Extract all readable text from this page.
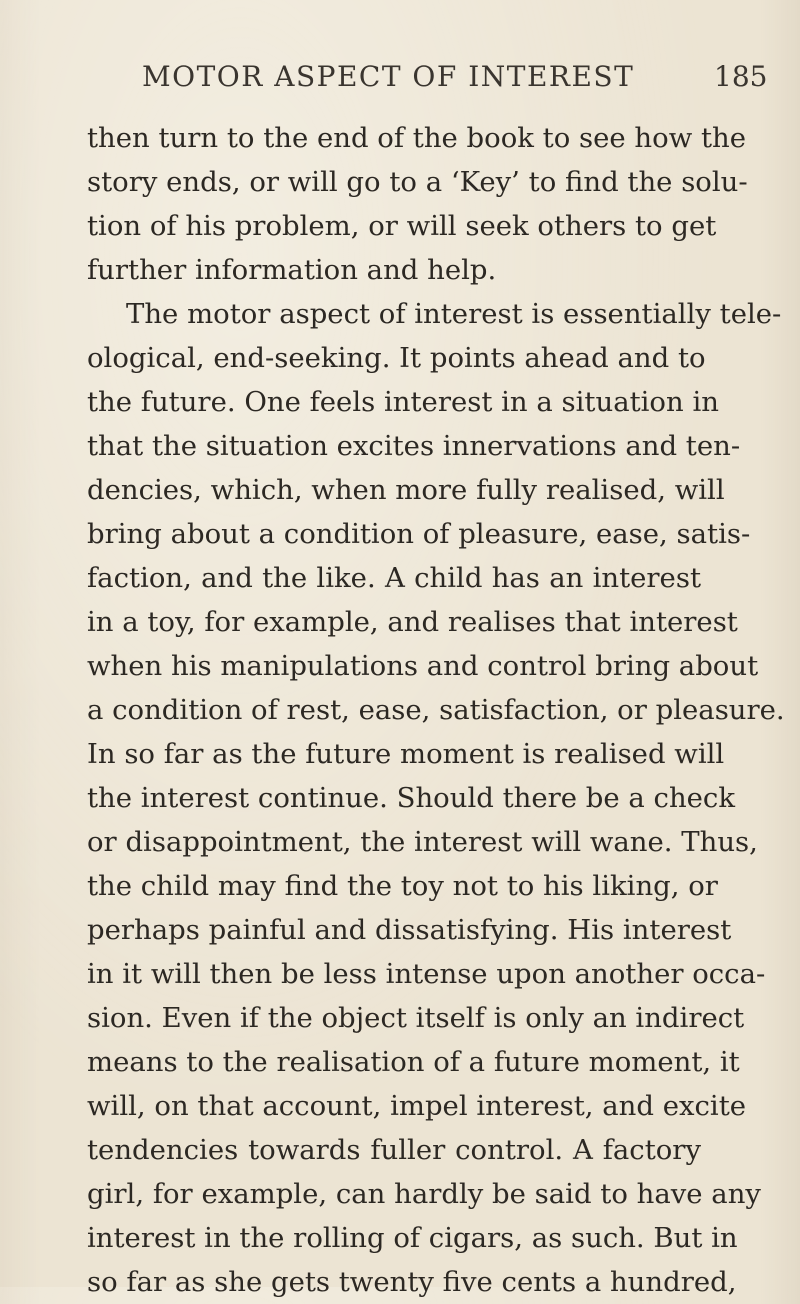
MOTOR ASPECT OF INTEREST	185
then turn to the end of the book to see how the
story ends, or will go to a ‘Key’ to find the solu-
tion of his problem, or will seek others to get
further information and help.
The motor aspect of interest is essentially tele-
ological, end-seeking. It points ahead and to
the future. One feels interest in a situation in
that the situation excites innervations and ten-
dencies, which, when more fully realised, will
bring about a condition of pleasure, ease, satis-
faction, and the like. A child has an interest
in a toy, for example, and realises that interest
when his manipulations and control bring about
a condition of rest, ease, satisfaction, or pleasure.
In so far as the future moment is realised will
the interest continue. Should there be a check
or disappointment, the interest will wane. Thus,
the child may find the toy not to his liking, or
perhaps painful and dissatisfying. His interest
in it will then be less intense upon another occa-
sion. Even if the object itself is only an indirect
means to the realisation of a future moment, it
will, on that account, impel interest, and excite
tendencies towards fuller control. A factory
girl, for example, can hardly be said to have any
interest in the rolling of cigars, as such. But in
so far as she gets twenty five cents a hundred,
